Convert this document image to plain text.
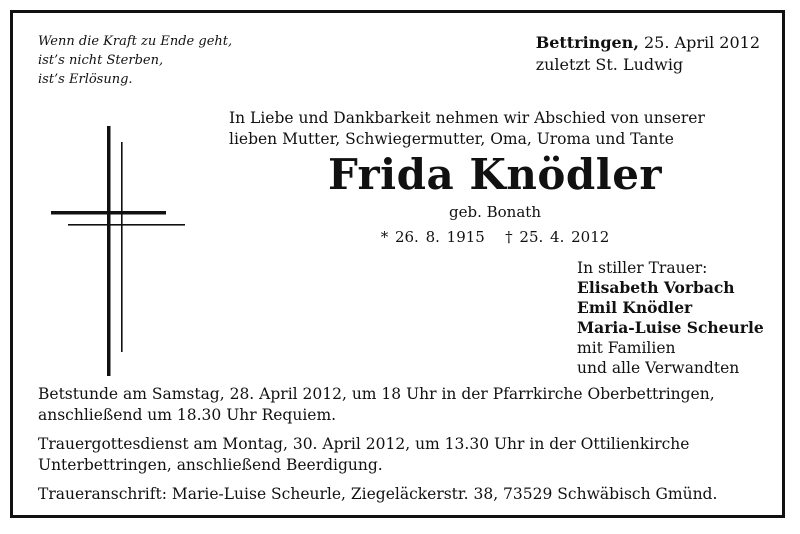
Wenn die Kraft zu Ende geht,
ist’s nicht Sterben,
ist’s Erlösung.
Bettringen, 25. April 2012
zuletzt St. Ludwig
In Liebe und Dankbarkeit nehmen wir Abschied von unserer
lieben Mutter, Schwiegermutter, Oma, Uroma und Tante
Frida Knödler
geb. Bonath
* 26. 8. 1915   † 25. 4. 2012
In stiller Trauer:
Elisabeth Vorbach
Emil Knödler
Maria-Luise Scheurle
mit Familien
und alle Verwandten
Betstunde am Samstag, 28. April 2012, um 18 Uhr in der Pfarrkirche Oberbettringen, anschließend um 18.30 Uhr Requiem.
Trauergottesdienst am Montag, 30. April 2012, um 13.30 Uhr in der Ottilienkirche Unterbettringen, anschließend Beerdigung.
Traueranschrift: Marie-Luise Scheurle, Ziegeläckerstr. 38, 73529 Schwäbisch Gmünd.
